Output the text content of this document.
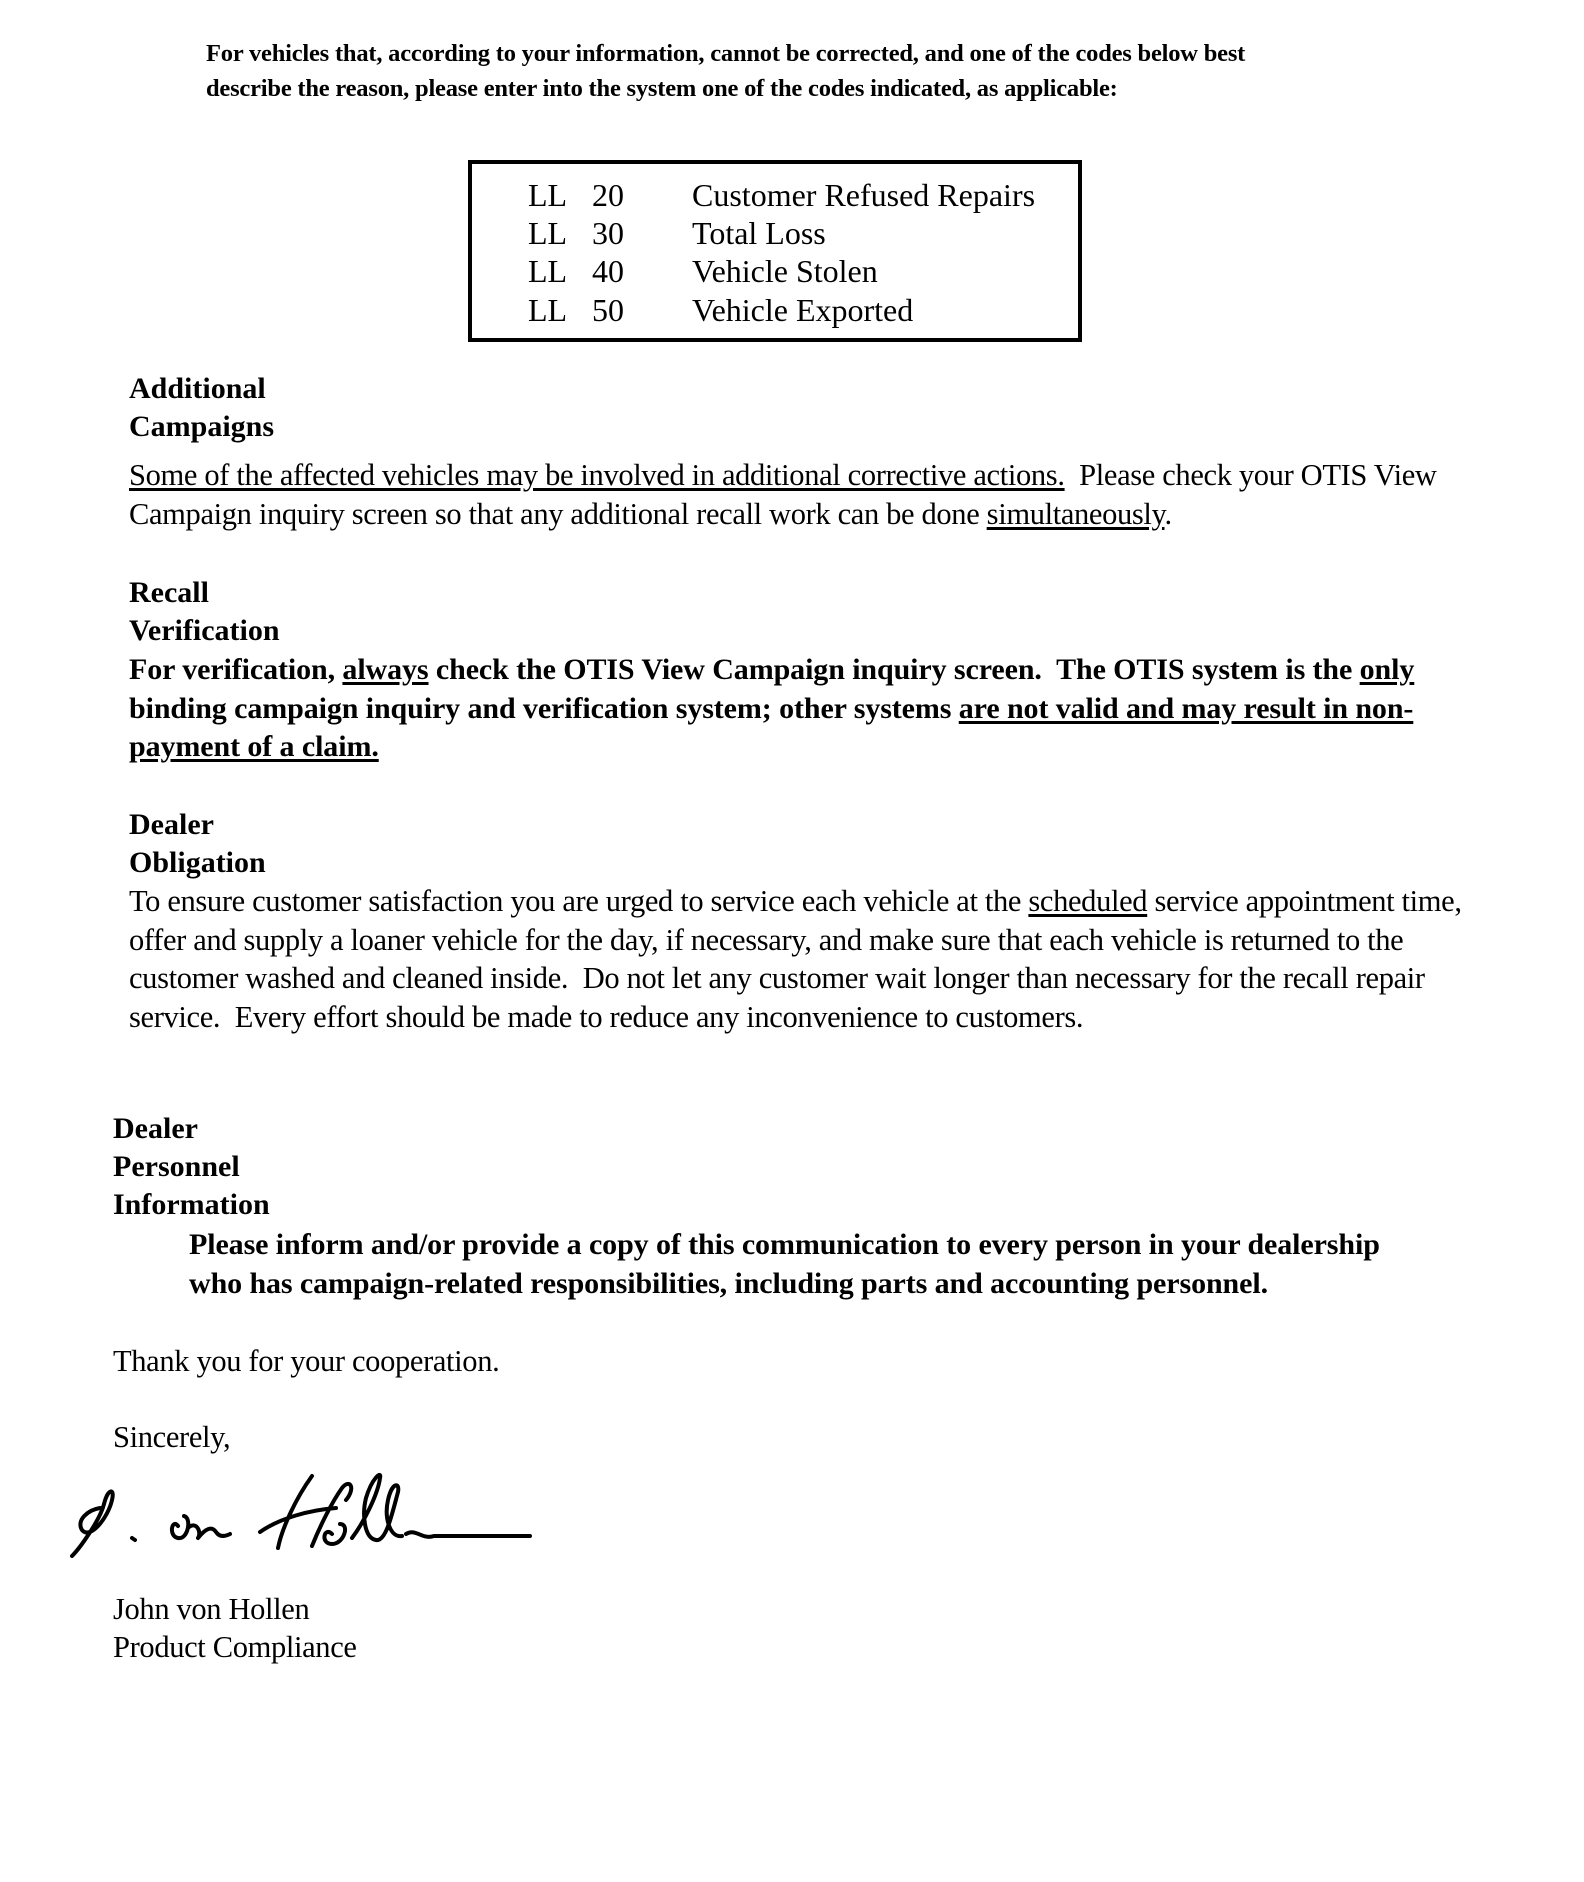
For vehicles that, according to your information, cannot be corrected, and one of the codes below best
describe the reason, please enter into the system one of the codes indicated, as applicable:
LL 20 Customer Refused Repairs
LL 30 Total Loss
LL 40 Vehicle Stolen
LL 50 Vehicle Exported
Additional
Campaigns
Some of the affected vehicles may be involved in additional corrective actions.  Please check your OTIS View
Campaign inquiry screen so that any additional recall work can be done simultaneously.
Recall
Verification
For verification, always check the OTIS View Campaign inquiry screen.  The OTIS system is the only
binding campaign inquiry and verification system; other systems are not valid and may result in non-
payment of a claim.
Dealer
Obligation
To ensure customer satisfaction you are urged to service each vehicle at the scheduled service appointment time,
offer and supply a loaner vehicle for the day, if necessary, and make sure that each vehicle is returned to the
customer washed and cleaned inside.  Do not let any customer wait longer than necessary for the recall repair
service.  Every effort should be made to reduce any inconvenience to customers.
Dealer
Personnel
Information
Please inform and/or provide a copy of this communication to every person in your dealership
who has campaign-related responsibilities, including parts and accounting personnel.
Thank you for your cooperation.
Sincerely,
John von Hollen
Product Compliance
